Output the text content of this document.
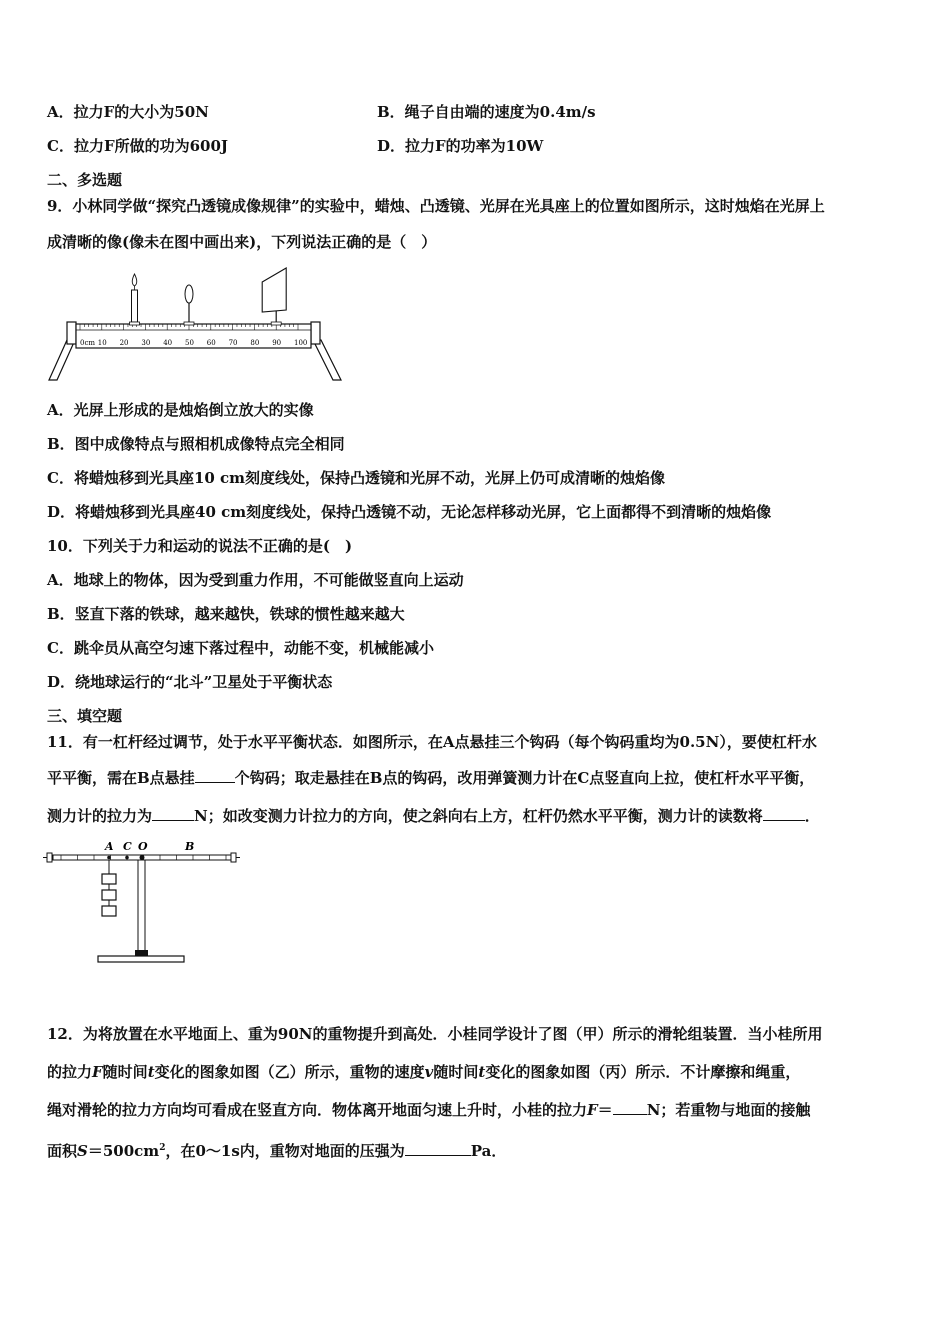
A．拉力F的大小为50N	B．绳子自由端的速度为0.4m/s
C．拉力F所做的功为600J	D．拉力F的功率为10W
二、多选题
9．小林同学做“探究凸透镜成像规律”的实验中，蜡烛、凸透镜、光屏在光具座上的位置如图所示，这时烛焰在光屏上
成清晰的像(像未在图中画出来)，下列说法正确的是（　）
0cm 10 20 30 40 50 60 70 80 90 100
A．光屏上形成的是烛焰倒立放大的实像
B．图中成像特点与照相机成像特点完全相同
C．将蜡烛移到光具座10 cm刻度线处，保持凸透镜和光屏不动，光屏上仍可成清晰的烛焰像
D．将蜡烛移到光具座40 cm刻度线处，保持凸透镜不动，无论怎样移动光屏，它上面都得不到清晰的烛焰像
10．下列关于力和运动的说法不正确的是(　)
A．地球上的物体，因为受到重力作用，不可能做竖直向上运动
B．竖直下落的铁球，越来越快，铁球的惯性越来越大
C．跳伞员从高空匀速下落过程中，动能不变，机械能减小
D．绕地球运行的“北斗”卫星处于平衡状态
三、填空题
11．有一杠杆经过调节，处于水平平衡状态．如图所示，在A点悬挂三个钩码（每个钩码重均为0.5N），要使杠杆水
平平衡，需在B点悬挂	个钩码；取走悬挂在B点的钩码，改用弹簧测力计在C点竖直向上拉，使杠杆水平平衡，
测力计的拉力为	N；如改变测力计拉力的方向，使之斜向右上方，杠杆仍然水平平衡，测力计的读数将	．
A C O	B
12．为将放置在水平地面上、重为90N的重物提升到高处．小桂同学设计了图（甲）所示的滑轮组装置．当小桂所用
的拉力F随时间t变化的图象如图（乙）所示，重物的速度v随时间t变化的图象如图（丙）所示．不计摩擦和绳重，
绳对滑轮的拉力方向均可看成在竖直方向．物体离开地面匀速上升时，小桂的拉力F＝ N；若重物与地面的接触
面积$S=500cm^2$，在0～1s内，重物对地面的压强为	Pa．
